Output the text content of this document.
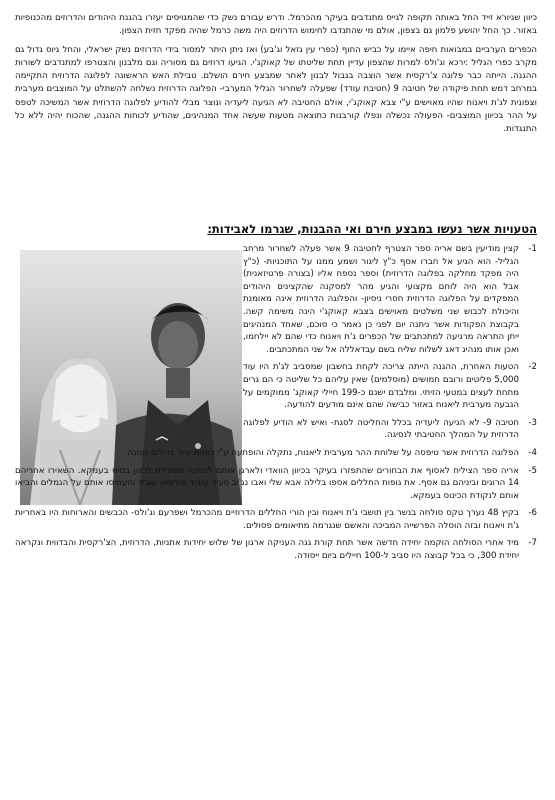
כיוון שגיורא זייד החל באותה תקופה לגייס מתנדבים בעיקר מהכרמל. ודרש עבורם נשק כדי שהמגויסים יעזרו בהגנת היהודים והדרוזים מהכנופיות באזור. כך החל יהושע פלמון גם בצפון, אולם מי שהתנדבו לחימוש הדרוזים היה משה כרמל שהיה מפקד חזית הצפון.

הכפרים הערביים במבואות חיפה איימו על כביש החוף (כפרי עין גזאל וג'בע) ואז ניתן היתר למסור בידי הדרוזים נשק ישראלי, והחל גיוס גדול גם מקרב כפרי הגליל :ירכא וג'ולס למרות שהצפון עדיין תחת שליטתו של קאוקג'י. הגיעו דרוזים גם מסוריה וגם מלבנון והצטרפו למתנדבים לשורות ההגנה. הייתה כבר פלוגה צ'רקסית אשר הוצבה בגבול לבנון לאחר שמבצע חירם הושלם. טבילת האש הראשונה לפלוגה הדרוזית התקיימה במרחב דמש תחת פיקודה של חטיבה 9 (חטיבת עודד) שפעלה לשחרור הגליל המערבי- הפלוגה הדרוזית נשלחה להשתלט על המוצבים מערבית וצפונית לג'ת ויאנוח שהיו מאוישים ע"י צבא קאוקג'י, אולם החטיבה לא הגיעה ליעדיה ונוצר מבלי להודיע לפלוגה הדרוזית אשר המשיכה לטפס על ההר בכיוון המוצבים- הפעולה נכשלה ונפלו קורבנות כתוצאה מטעות שעשה אחד המנהיגים, שהודיע לכוחות ההגנה, שהכוח יהיה ללא כל התנגדות.

הטעויות אשר נעשו במבצע חירם ואי ההבנות, שגרמו לאבידות:
1-
קצין מודיעין בשם אריה ספר הצטרף לחטיבה 9 אשר פעלה לשחרור מרחב הגליל- הוא הגיע אל חברו אסף כ"ץ ליגור ושמע ממנו על התוכניות- (כ"ץ היה מפקד מחלקה בפלוגה הדרוזית) וספר נספח אליו (בצורה פרטיזאנית) אבל הוא היה לוחם מקצועי והגיע מהר למסקנה שהקצינים היהודים המפקדים על הפלוגה הדרוזית חסרי ניסיון- והפלוגה הדרוזית אינה מאומנת והיכולת לכבוש שני משלטים מאוישים בצבא קאוקג'י הינה משימה קשה. בקבוצת הפקודות אשר ניתנה יום לפני כן נאמר כי סוכם, שאחד המנהיגים ייתן התראה מרגיעה למתכתבים של הכפרים ג'ת ויאנוח כדי שהם לא יילחמו, ואכן אותו מנהיג דאג לשלוח שליח בשם עבדאללה אל שני המתכתבים.
2-
הטעות האחרת, ההגנה הייתה צריכה לקחת בחשבון שמסביב לג'ת היו עוד 5,000 פליטים ורובם חמושים (מוסלמים) שאין עליהם כל שליטה כי הם גרים מתחת לעצים במטעי הזיתי. ומלבדם ישנם כ-199 חיילי קאוקג' ממוקמים על הגבעה מערבית ליאנוח באזור כבישה שהם אינם מודעים להודעה.
3-
חטיבה 9- לא הגיעה ליעדיה בכלל והחליטה לסגת- ואיש לא הודיע לפלוגה הדרוזית על המהלך החטיבתי לנסיגה.
4-
הפלוגה הדרוזית אשר טיפסה על שלוחת ההר מערבית ליאנוח, נתקלה והופתעה ע"י כוחות יותר גדולים ממנה.
5-
אריה ספר הציליח לאסוף את הבחורים שהתפזרו בעיקר בכיוון הוואדי ולארגן אותם לנסיגה מסודרת לכיוון בסיס בעמקא. השאירו אחריהם 14 הרוגים וביניהם גם אסף. את גופות החללים אספו בלילה אבא שלי ואבו נג'יב סעיד עוביד וסלמאן עוביד והעמיסו אותם על הגמלים והביאו אותם לנקודת הכינוס בעמקא.
6-
בקיץ 48 נערך טקס סולחה בנשר בין תושבי ג'ת ויאנוח ובין הורי החללים הדרוזיים מהכרמל ושפרעם וג'ולס- הכבשים והארוחות היו באחריות ג'ת ויאנוח ובזה הוסלה הפרשייה המביכה והאשם שנגרמה מתיאומים פסולים.
7-
מיד אחרי הסולחה הוקמה יחידה חדשה אשר תחת קורת גגה העניקה ארגון של שלוש יחידות אתניות, הדרוזית, הצ'רקסית והבדווית ונקראה יחידת 300, כי בכל קבוצה היו סביב ל-100 חיילים ביום ייסודה.
